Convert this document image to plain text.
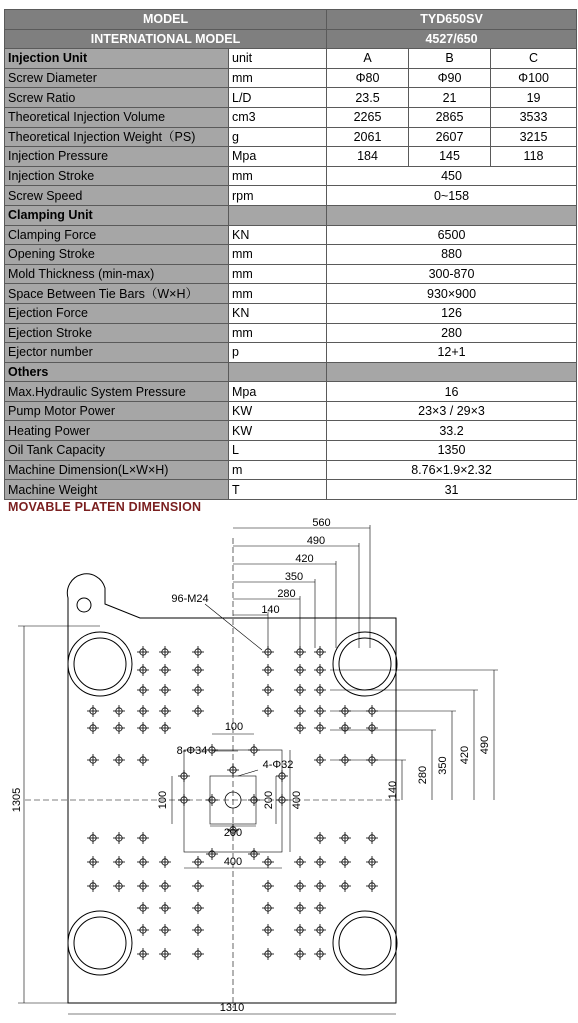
MODEL		TYD650SV		
INTERNATIONAL MODEL		4527/650		
Injection Unit	unit	A	B	C
Screw Diameter	mm	Φ80	Φ90	Φ100
Screw Ratio	L/D	23.5	21	19
Theoretical Injection Volume	cm3	2265	2865	3533
Theoretical Injection Weight（PS)	g	2061	2607	3215
Injection Pressure	Mpa	184	145	118
Injection Stroke	mm	450		
Screw Speed	rpm	0~158		
Clamping Unit				
Clamping Force	KN	6500		
Opening Stroke	mm	880		
Mold Thickness (min-max)	mm	300-870		
Space Between Tie Bars（W×H）	mm	930×900		
Ejection Force	KN	126		
Ejection Stroke	mm	280		
Ejector number	p	12+1		
Others				
Max.Hydraulic System Pressure	Mpa	16		
Pump Motor Power	KW	23×3 / 29×3		
Heating Power	KW	33.2		
Oil Tank Capacity	L	1350		
Machine Dimension(L×W×H)	m	8.76×1.9×2.32		
Machine Weight	T	31		
MOVABLE PLATEN DIMENSION
560
490
420
350
280
140
140
280
350
420
490
96-M24
8-Φ34
4-Φ32
100
100
200
200 400
400
1305
1310
